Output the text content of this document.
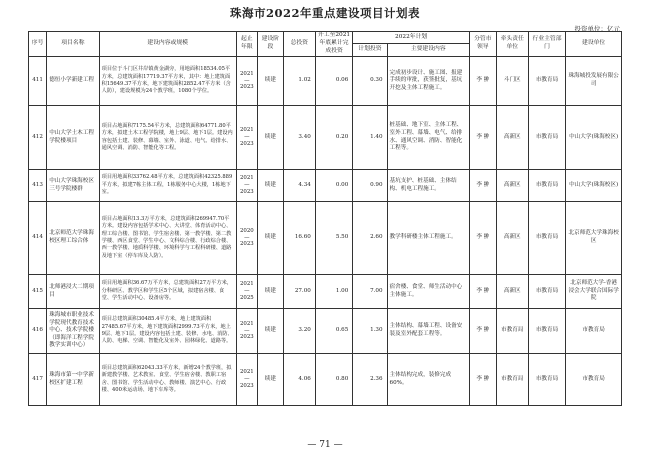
珠海市2022年重点建设项目计划表
投资单位：亿元
序号	项目名称	建设内容或规模	起止年限	建设阶段	总投资	开工至2021年底累计完成投资	2022年计划		分管市领导	牵头责任单位	行业主管部门	建设单位
							计划投资	主要建设内容				
411	德恒小学新建工程	项目位于斗门区井岸镇黄金湖旁，用地面积18534.05平方米，总建筑面积17719.37平方米，其中：地上建筑面积15649.37平方米，地下建筑面积2852.47平方米（含人防），建设规模为24个教学班，1080个学位。	2021—2023	续建	1.02	0.06	0.30	完成初步设计、施工图、报建手续的审批，获签批复，基坑开挖及主体工程施工。	李 翀	斗门区	市教育局	珠海城投发展有限公司
412	中山大学土木工程学院楼项目	项目占地面积7175.54平方米，总建筑面积64771.80平方米，拟建土木工程学院楼，地上9层、地下1层。建设内容包括土建、装修、幕墙、室外、泳道、电气、给排水、通风空调、消防、智能化等工程。	2021—2023	续建	3.40	0.20	1.40	桩基础、地下室、主体工程、室外工程、幕墙、电气、给排水、通风空调、消防、智能化工程等。	李 翀	高新区	市教育局	中山大学(珠海校区)
413	中山大学珠海校区三号学院楼群	项目用地面积33762.48平方米，总建筑面积42325.889平方米，拟建7栋主体工程，1栋服务中心大楼，1栋地下室。	2021—2023	续建	4.34	0.00	0.90	基坑支护、桩基础、主体结构、机电工程施工。	李 翀	高新区	市教育局	中山大学(珠海校区)
414	北京师范大学珠海校区理工综合体	项目占地面积13.3万平方米，总建筑面积269947.70平方米。建设内容包括学术中心、大讲堂、体育活动中心、理工综合楼、图书馆、学生宿舍楼、第一教学楼、第二教学楼、西区食堂、学生中心、文科综合楼、行政综合楼、西一教学楼、地质科学楼、环境科学与工程科研楼、道路及地下室（停车库及人防）。	2020—2023	续建	16.60	5.50	2.60	教学科研楼主体工程施工。	李 翀	高新区	市教育局	北京师范大学珠海校区
415	北师港浸大二期项目	项目用地面积36.67万平方米，总建筑面积27万平方米，分科研区、教学区和学生区5个区域，拟建宿舍楼、食堂、学生活动中心、设备房等。	2021—2025	续建	27.00	1.00	7.00	宿舍楼、食堂、师生活动中心主体施工。	李 翀	高新区	市教育局	北京师范大学-香港浸会大学联合国际学院
416	珠海城市职业技术学院现代教育技术中心、技术学院楼（即海洋工程学院教学实训中心）	项目总建筑面积30485.4平方米，地上建筑面积27485.67平方米，地下建筑面积2999.73平方米，地上9层、地下1层。建设内容包括土建、装修、水电、消防、人防、电梯、空调、智能化及室外、园林绿化、道路等。	2021—2023	续建	3.20	0.65	1.30	主体结构、幕墙工程、设备安装及室外配套工程等。	李 翀	市教育局	市教育局	市教育局
417	珠海市第一中学新校区扩建工程	项目总建筑面积62043.33平方米，新增24个教学班，拟新建教学楼、艺术教室、食堂、学生宿舍楼、教职工宿舍、图书馆、学生活动中心、教师楼、演艺中心、行政楼、400米运动场、地下车库等。	2021—2023	续建	4.06	0.80	2.36	主体结构完成，装修完成60%。	李 翀	市教育局	市教育局	市教育局
— 71 —
